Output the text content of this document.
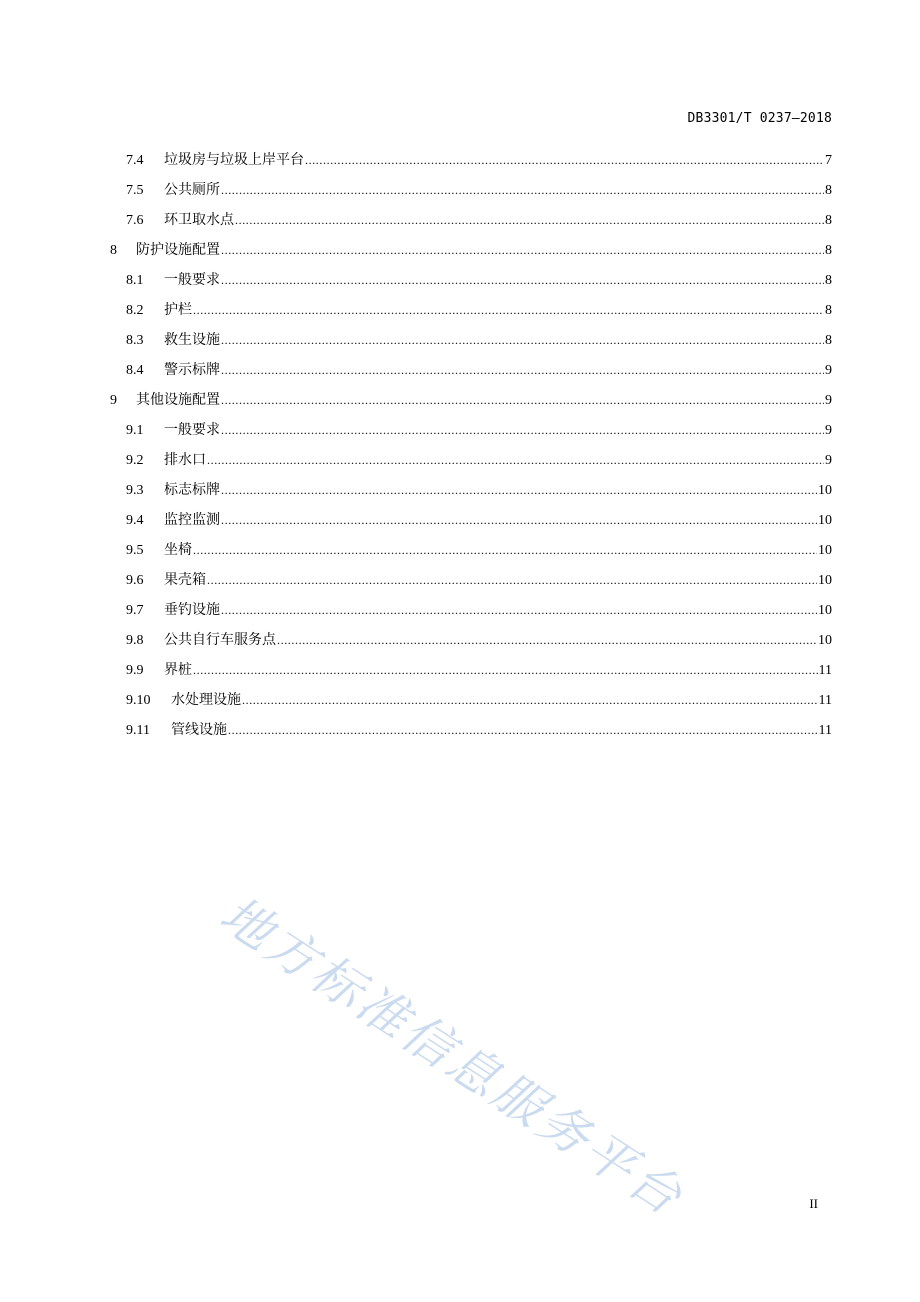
DB3301/T 0237—2018
7.4	垃圾房与垃圾上岸平台 .....	7
7.5	公共厕所 .....	8
7.6	环卫取水点 .....	8
8	防护设施配置 .....	8
8.1	一般要求 .....	8
8.2	护栏 .....	8
8.3	救生设施 .....	8
8.4	警示标牌 .....	9
9	其他设施配置 .....	9
9.1	一般要求 .....	9
9.2	排水口 .....	9
9.3	标志标牌 .....	10
9.4	监控监测 .....	10
9.5	坐椅 .....	10
9.6	果壳箱 .....	10
9.7	垂钓设施 .....	10
9.8	公共自行车服务点 .....	10
9.9	界桩 .....	11
9.10	水处理设施 .....	11
9.11	管线设施 .....	11
地方标准信息服务平台	II
